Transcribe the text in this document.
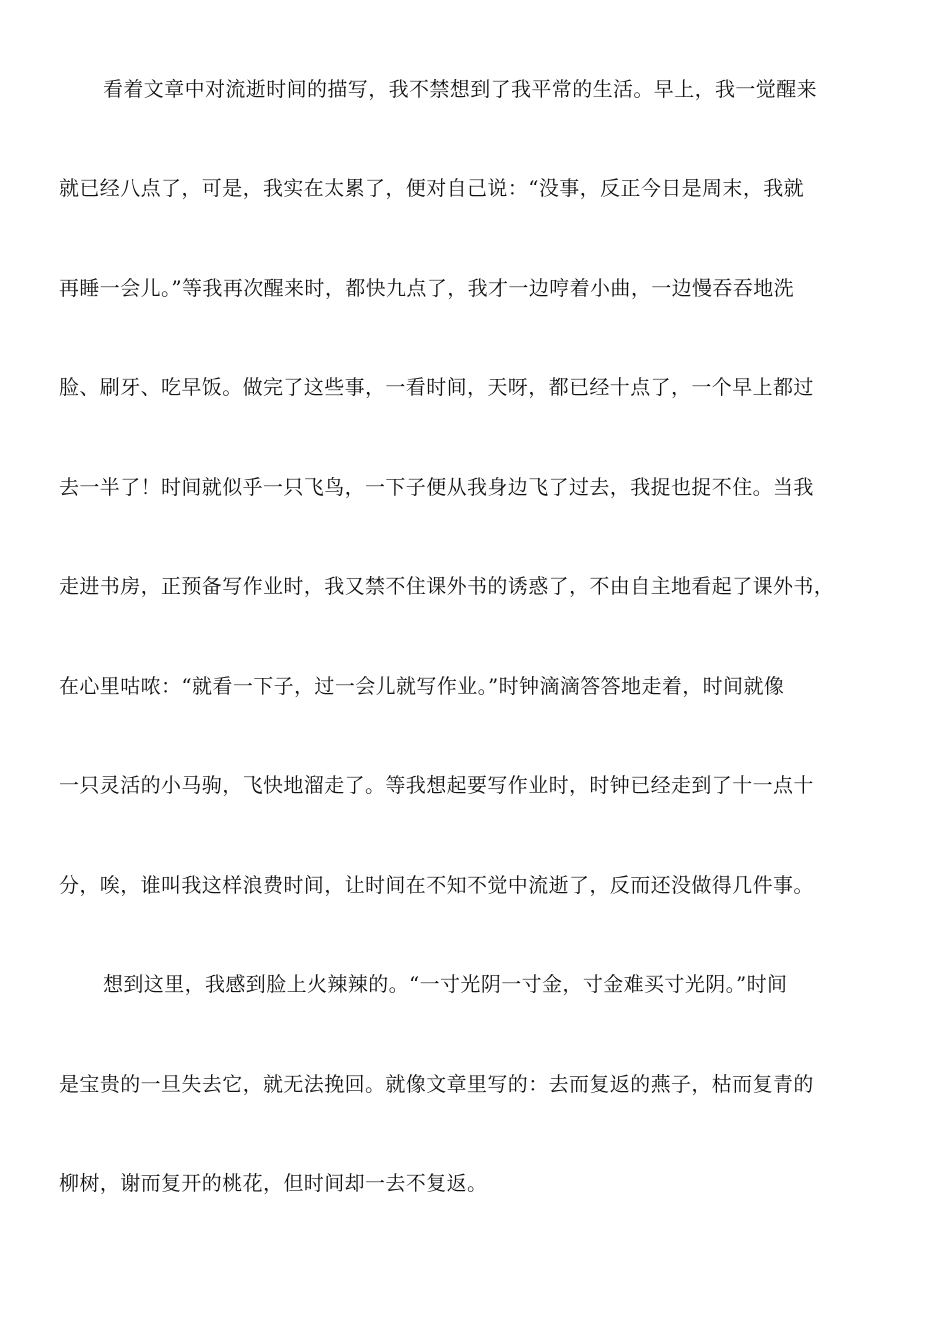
看着文章中对流逝时间的描写，我不禁想到了我平常的生活。早上，我一觉醒来

就已经八点了，可是，我实在太累了，便对自己说：“没事，反正今日是周末，我就

再睡一会儿。”等我再次醒来时，都快九点了，我才一边哼着小曲，一边慢吞吞地洗

脸、刷牙、吃早饭。做完了这些事，一看时间，天呀，都已经十点了，一个早上都过

去一半了！时间就似乎一只飞鸟，一下子便从我身边飞了过去，我捉也捉不住。当我

走进书房，正预备写作业时，我又禁不住课外书的诱惑了，不由自主地看起了课外书，

在心里咕哝：“就看一下子，过一会儿就写作业。”时钟滴滴答答地走着，时间就像

一只灵活的小马驹，飞快地溜走了。等我想起要写作业时，时钟已经走到了十一点十

分，唉，谁叫我这样浪费时间，让时间在不知不觉中流逝了，反而还没做得几件事。

想到这里，我感到脸上火辣辣的。“一寸光阴一寸金，寸金难买寸光阴。”时间

是宝贵的一旦失去它，就无法挽回。就像文章里写的：去而复返的燕子，枯而复青的

柳树，谢而复开的桃花，但时间却一去不复返。
